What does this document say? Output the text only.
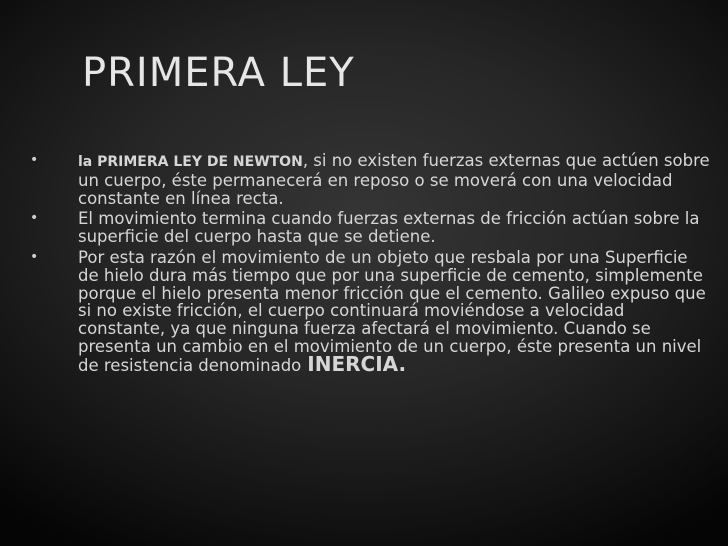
PRIMERA LEY
•	la PRIMERA LEY DE NEWTON, si no existen fuerzas externas que actúen sobre un cuerpo, éste permanecerá en reposo o se moverá con una velocidad constante en línea recta.
• El movimiento termina cuando fuerzas externas de fricción actúan sobre la superficie del cuerpo hasta que se detiene.
• Por esta razón el movimiento de un objeto que resbala por una Superficie de hielo dura más tiempo que por una superficie de cemento, simplemente porque el hielo presenta menor fricción que el cemento. Galileo expuso que si no existe fricción, el cuerpo continuará moviéndose a velocidad constante, ya que ninguna fuerza afectará el movimiento. Cuando se presenta un cambio en el movimiento de un cuerpo, éste presenta un nivel de resistencia denominado INERCIA.
